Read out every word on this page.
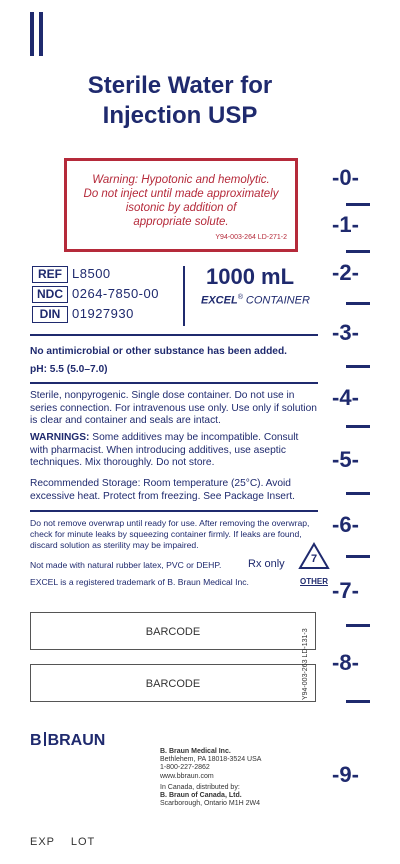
Sterile Water for
Injection USP
Warning: Hypotonic and hemolytic.
Do not inject until made approximately
isotonic by addition of
appropriate solute.
Y94-003-264 LD-271-2
-0-
-1-
-2-
-3-
-4-
-5-
-6-
-7-
-8-
-9-
REF L8500
NDC 0264-7850-00
DIN 01927930
1000 mL
EXCEL® CONTAINER
No antimicrobial or other substance has been added.
pH: 5.5 (5.0–7.0)
Sterile, nonpyrogenic. Single dose container. Do not use in series connection. For intravenous use only. Use only if solution is clear and container and seals are intact.
WARNINGS: Some additives may be incompatible. Consult with pharmacist. When introducing additives, use aseptic techniques. Mix thoroughly. Do not store.
Recommended Storage: Room temperature (25°C). Avoid excessive heat. Protect from freezing. See Package Insert.
Do not remove overwrap until ready for use. After removing the overwrap, check for minute leaks by squeezing container firmly. If leaks are found, discard solution as sterility may be impaired.
Not made with natural rubber latex, PVC or DEHP.	Rx only
EXCEL is a registered trademark of B. Braun Medical Inc.
7
OTHER
BARCODE
BARCODE	Y94-003-263 LD-131-3
B BRAUN
B. Braun Medical Inc.
Bethlehem, PA 18018-3524 USA
1-800-227-2862
www.bbraun.com
In Canada, distributed by:
B. Braun of Canada, Ltd.
Scarborough, Ontario M1H 2W4
EXP LOT
